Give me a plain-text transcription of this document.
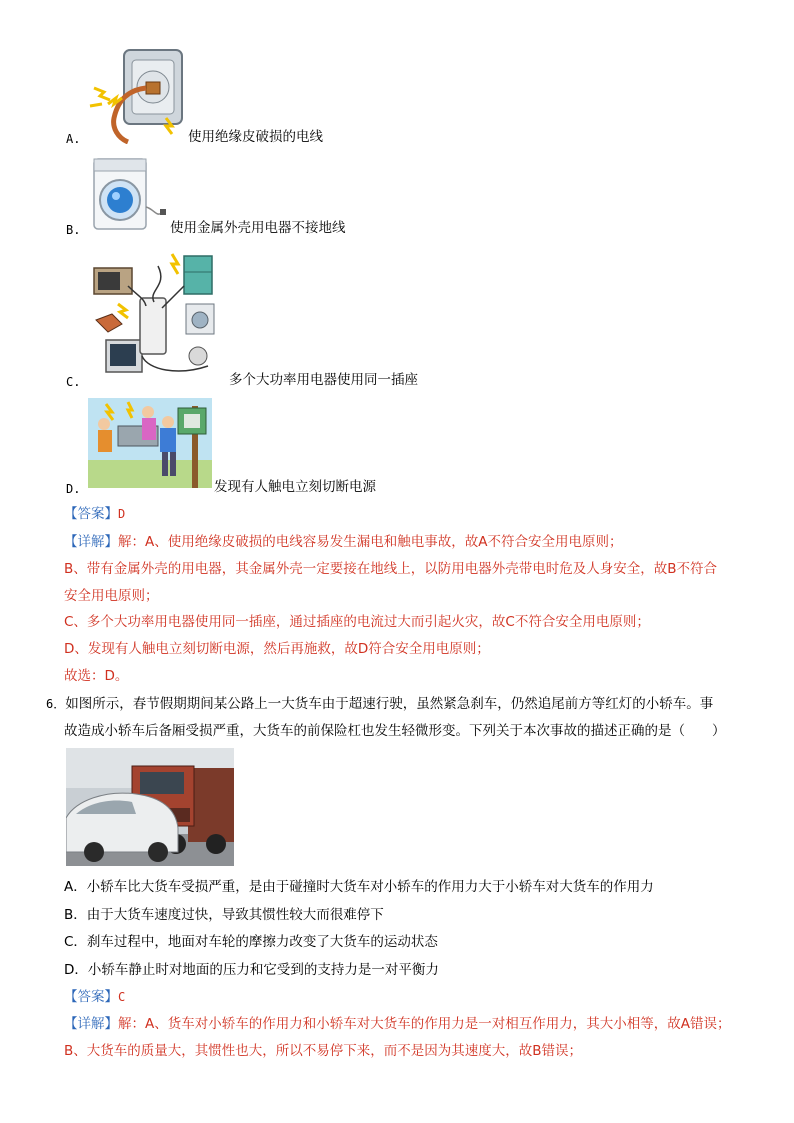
A.	使用绝缘皮破损的电线
B.	使用金属外壳用电器不接地线
C.	多个大功率用电器使用同一插座
D.	发现有人触电立刻切断电源
【答案】D
【详解】解：A、使用绝缘皮破损的电线容易发生漏电和触电事故，故A不符合安全用电原则；
B、带有金属外壳的用电器，其金属外壳一定要接在地线上，以防用电器外壳带电时危及人身安全，故B不符合
安全用电原则；
C、多个大功率用电器使用同一插座，通过插座的电流过大而引起火灾，故C不符合安全用电原则；
D、发现有人触电立刻切断电源，然后再施救，故D符合安全用电原则；
故选：D。
6．如图所示，春节假期期间某公路上一大货车由于超速行驶，虽然紧急刹车，仍然追尾前方等红灯的小轿车。事
故造成小轿车后备厢受损严重，大货车的前保险杠也发生轻微形变。下列关于本次事故的描述正确的是（　　）
A．小轿车比大货车受损严重，是由于碰撞时大货车对小轿车的作用力大于小轿车对大货车的作用力
B．由于大货车速度过快，导致其惯性较大而很难停下
C．刹车过程中，地面对车轮的摩擦力改变了大货车的运动状态
D．小轿车静止时对地面的压力和它受到的支持力是一对平衡力
【答案】C
【详解】解：A、货车对小轿车的作用力和小轿车对大货车的作用力是一对相互作用力，其大小相等，故A错误；
B、大货车的质量大，其惯性也大，所以不易停下来，而不是因为其速度大，故B错误；
